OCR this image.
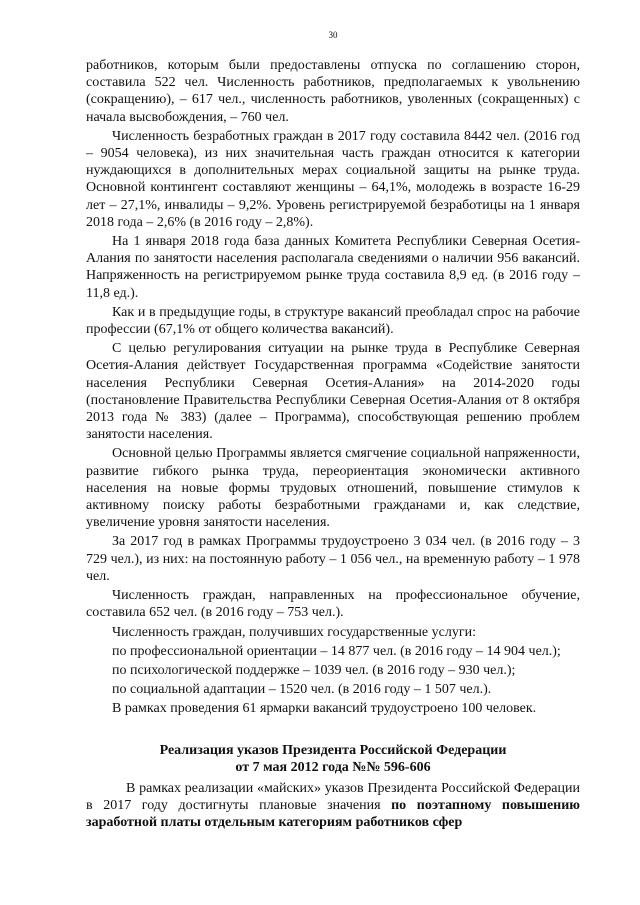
30

работников, которым были предоставлены отпуска по соглашению сторон, составила 522 чел. Численность работников, предполагаемых к увольнению (сокращению), – 617 чел., численность работников, уволенных (сокращенных) с начала высвобождения, – 760 чел.

Численность безработных граждан в 2017 году составила 8442 чел. (2016 год – 9054 человека), из них значительная часть граждан относится к категории нуждающихся в дополнительных мерах социальной защиты на рынке труда. Основной контингент составляют женщины – 64,1%, молодежь в возрасте 16-29 лет – 27,1%, инвалиды – 9,2%. Уровень регистрируемой безработицы на 1 января 2018 года – 2,6% (в 2016 году – 2,8%).

На 1 января 2018 года база данных Комитета Республики Северная Осетия-Алания по занятости населения располагала сведениями о наличии 956 вакансий. Напряженность на регистрируемом рынке труда составила 8,9 ед. (в 2016 году – 11,8 ед.).

Как и в предыдущие годы, в структуре вакансий преобладал спрос на рабочие профессии (67,1% от общего количества вакансий).

С целью регулирования ситуации на рынке труда в Республике Северная Осетия-Алания действует Государственная программа «Содействие занятости населения Республики Северная Осетия-Алания» на 2014-2020 годы (постановление Правительства Республики Северная Осетия-Алания от 8 октября 2013 года № 383) (далее – Программа), способствующая решению проблем занятости населения.

Основной целью Программы является смягчение социальной напряженности, развитие гибкого рынка труда, переориентация экономически активного населения на новые формы трудовых отношений, повышение стимулов к активному поиску работы безработными гражданами и, как следствие, увеличение уровня занятости населения.

За 2017 год в рамках Программы трудоустроено 3 034 чел. (в 2016 году – 3 729 чел.), из них: на постоянную работу – 1 056 чел., на временную работу – 1 978 чел.

Численность граждан, направленных на профессиональное обучение, составила 652 чел. (в 2016 году – 753 чел.).

Численность граждан, получивших государственные услуги:

по профессиональной ориентации – 14 877 чел. (в 2016 году – 14 904 чел.);

по психологической поддержке – 1039 чел. (в 2016 году – 930 чел.);

по социальной адаптации – 1520 чел. (в 2016 году – 1 507 чел.).

В рамках проведения 61 ярмарки вакансий трудоустроено 100 человек.

Реализация указов Президента Российской Федерации
от 7 мая 2012 года №№ 596-606

В рамках реализации «майских» указов Президента Российской Федерации в 2017 году достигнуты плановые значения по поэтапному повышению заработной платы отдельным категориям работников сфер
